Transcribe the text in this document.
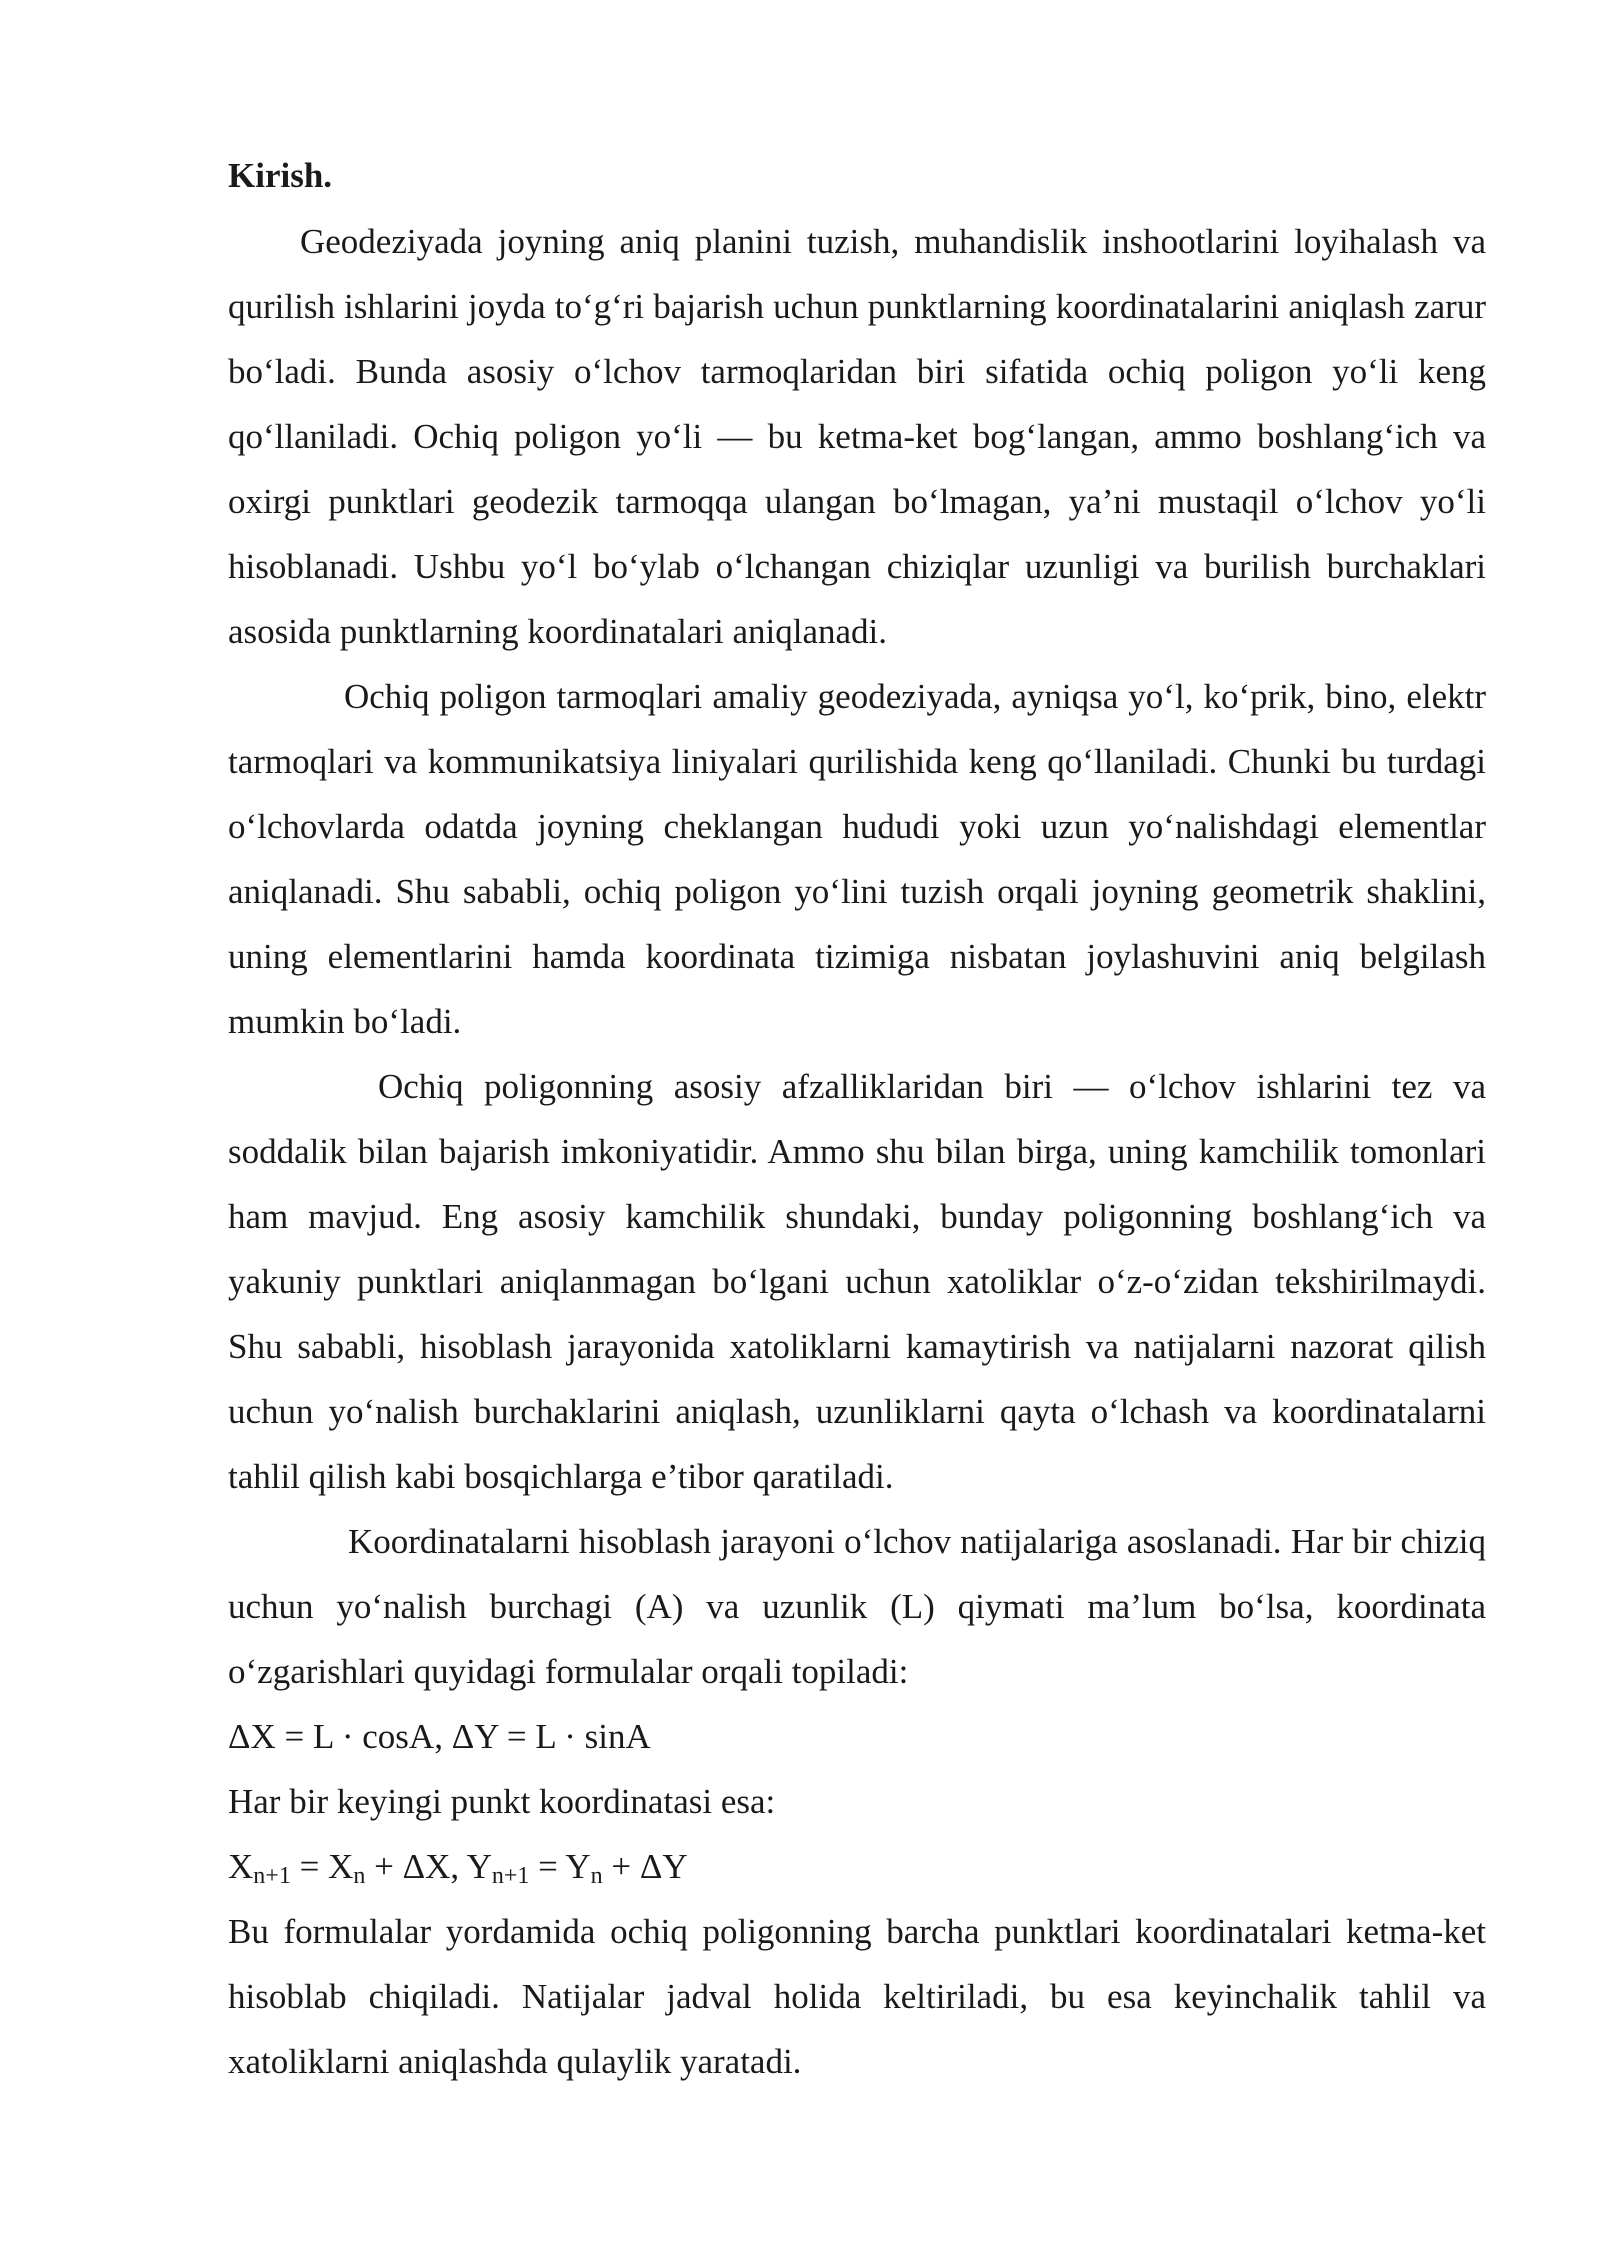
Kirish.

Geodeziyada joyning aniq planini tuzish, muhandislik inshootlarini loyihalash va qurilish ishlarini joyda to‘g‘ri bajarish uchun punktlarning koordinatalarini aniqlash zarur bo‘ladi. Bunda asosiy o‘lchov tarmoqlaridan biri sifatida ochiq poligon yo‘li keng qo‘llaniladi. Ochiq poligon yo‘li — bu ketma-ket bog‘langan, ammo boshlang‘ich va oxirgi punktlari geodezik tarmoqqa ulangan bo‘lmagan, ya’ni mustaqil o‘lchov yo‘li hisoblanadi. Ushbu yo‘l bo‘ylab o‘lchangan chiziqlar uzunligi va burilish burchaklari asosida punktlarning koordinatalari aniqlanadi.

Ochiq poligon tarmoqlari amaliy geodeziyada, ayniqsa yo‘l, ko‘prik, bino, elektr tarmoqlari va kommunikatsiya liniyalari qurilishida keng qo‘llaniladi. Chunki bu turdagi o‘lchovlarda odatda joyning cheklangan hududi yoki uzun yo‘nalishdagi elementlar aniqlanadi. Shu sababli, ochiq poligon yo‘lini tuzish orqali joyning geometrik shaklini, uning elementlarini hamda koordinata tizimiga nisbatan joylashuvini aniq belgilash mumkin bo‘ladi.

Ochiq poligonning asosiy afzalliklaridan biri — o‘lchov ishlarini tez va soddalik bilan bajarish imkoniyatidir. Ammo shu bilan birga, uning kamchilik tomonlari ham mavjud. Eng asosiy kamchilik shundaki, bunday poligonning boshlang‘ich va yakuniy punktlari aniqlanmagan bo‘lgani uchun xatoliklar o‘z-o‘zidan tekshirilmaydi. Shu sababli, hisoblash jarayonida xatoliklarni kamaytirish va natijalarni nazorat qilish uchun yo‘nalish burchaklarini aniqlash, uzunliklarni qayta o‘lchash va koordinatalarni tahlil qilish kabi bosqichlarga e’tibor qaratiladi.

Koordinatalarni hisoblash jarayoni o‘lchov natijalariga asoslanadi. Har bir chiziq uchun yo‘nalish burchagi (A) va uzunlik (L) qiymati ma’lum bo‘lsa, koordinata o‘zgarishlari quyidagi formulalar orqali topiladi:

ΔX = L · cosA, ΔY = L · sinA

Har bir keyingi punkt koordinatasi esa:

$X_{n+1} = X_n + \Delta X$, $Y_{n+1} = Y_n + \Delta Y$

Bu formulalar yordamida ochiq poligonning barcha punktlari koordinatalari ketma-ket hisoblab chiqiladi. Natijalar jadval holida keltiriladi, bu esa keyinchalik tahlil va xatoliklarni aniqlashda qulaylik yaratadi.
